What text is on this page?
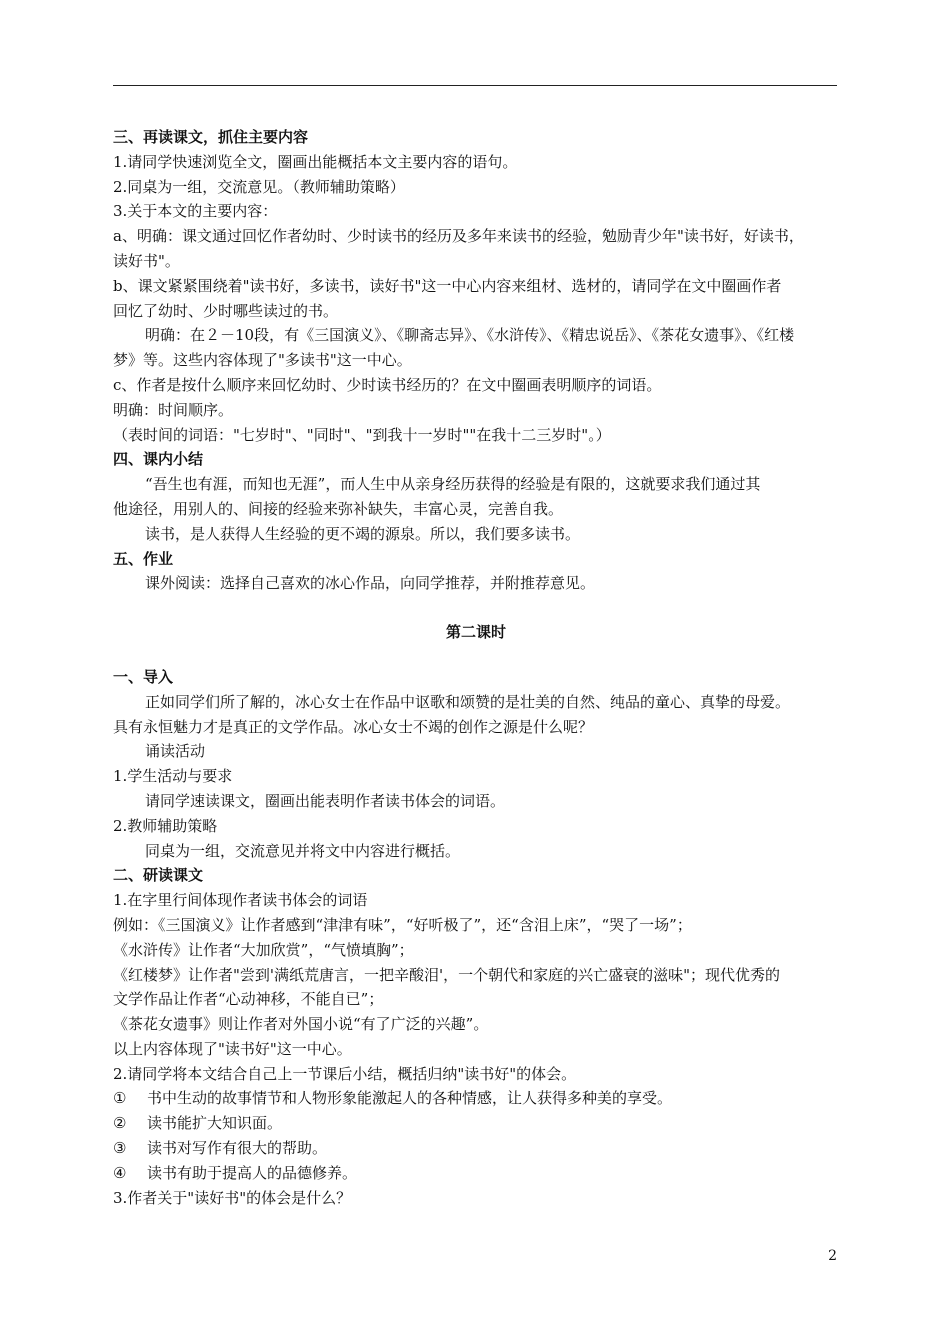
三、再读课文，抓住主要内容

1.请同学快速浏览全文，圈画出能概括本文主要内容的语句。

2.同桌为一组，交流意见。（教师辅助策略）

3.关于本文的主要内容：

a、明确：课文通过回忆作者幼时、少时读书的经历及多年来读书的经验，勉励青少年"读书好，好读书，

读好书"。

b、课文紧紧围绕着"读书好，多读书，读好书"这一中心内容来组材、选材的，请同学在文中圈画作者

回忆了幼时、少时哪些读过的书。

明确：在２－10段，有《三国演义》、《聊斋志异》、《水浒传》、《精忠说岳》、《茶花女遗事》、《红楼

梦》等。这些内容体现了"多读书"这一中心。

c、作者是按什么顺序来回忆幼时、少时读书经历的？在文中圈画表明顺序的词语。

明确：时间顺序。

（表时间的词语："七岁时"、"同时"、"到我十一岁时""在我十二三岁时"。）

四、课内小结

“吾生也有涯，而知也无涯”，而人生中从亲身经历获得的经验是有限的，这就要求我们通过其

他途径，用别人的、间接的经验来弥补缺失，丰富心灵，完善自我。

读书，是人获得人生经验的更不竭的源泉。所以，我们要多读书。

五、作业

课外阅读：选择自己喜欢的冰心作品，向同学推荐，并附推荐意见。

第二课时

一、导入

正如同学们所了解的，冰心女士在作品中讴歌和颂赞的是壮美的自然、纯品的童心、真挚的母爱。

具有永恒魅力才是真正的文学作品。冰心女士不竭的创作之源是什么呢？

诵读活动

1.学生活动与要求

请同学速读课文，圈画出能表明作者读书体会的词语。

2.教师辅助策略

同桌为一组，交流意见并将文中内容进行概括。

二、研读课文

1.在字里行间体现作者读书体会的词语

例如：《三国演义》让作者感到“津津有味”，“好听极了”，还“含泪上床”，“哭了一场”；

《水浒传》让作者“大加欣赏”，“气愤填胸”；

《红楼梦》让作者"尝到'满纸荒唐言，一把辛酸泪'，一个朝代和家庭的兴亡盛衰的滋味"；现代优秀的

文学作品让作者“心动神移，不能自已”；

《茶花女遗事》则让作者对外国小说“有了广泛的兴趣”。

以上内容体现了"读书好"这一中心。

2.请同学将本文结合自己上一节课后小结，概括归纳"读书好"的体会。

① 书中生动的故事情节和人物形象能激起人的各种情感，让人获得多种美的享受。

② 读书能扩大知识面。

③ 读书对写作有很大的帮助。

④ 读书有助于提高人的品德修养。

3.作者关于"读好书"的体会是什么？

2
